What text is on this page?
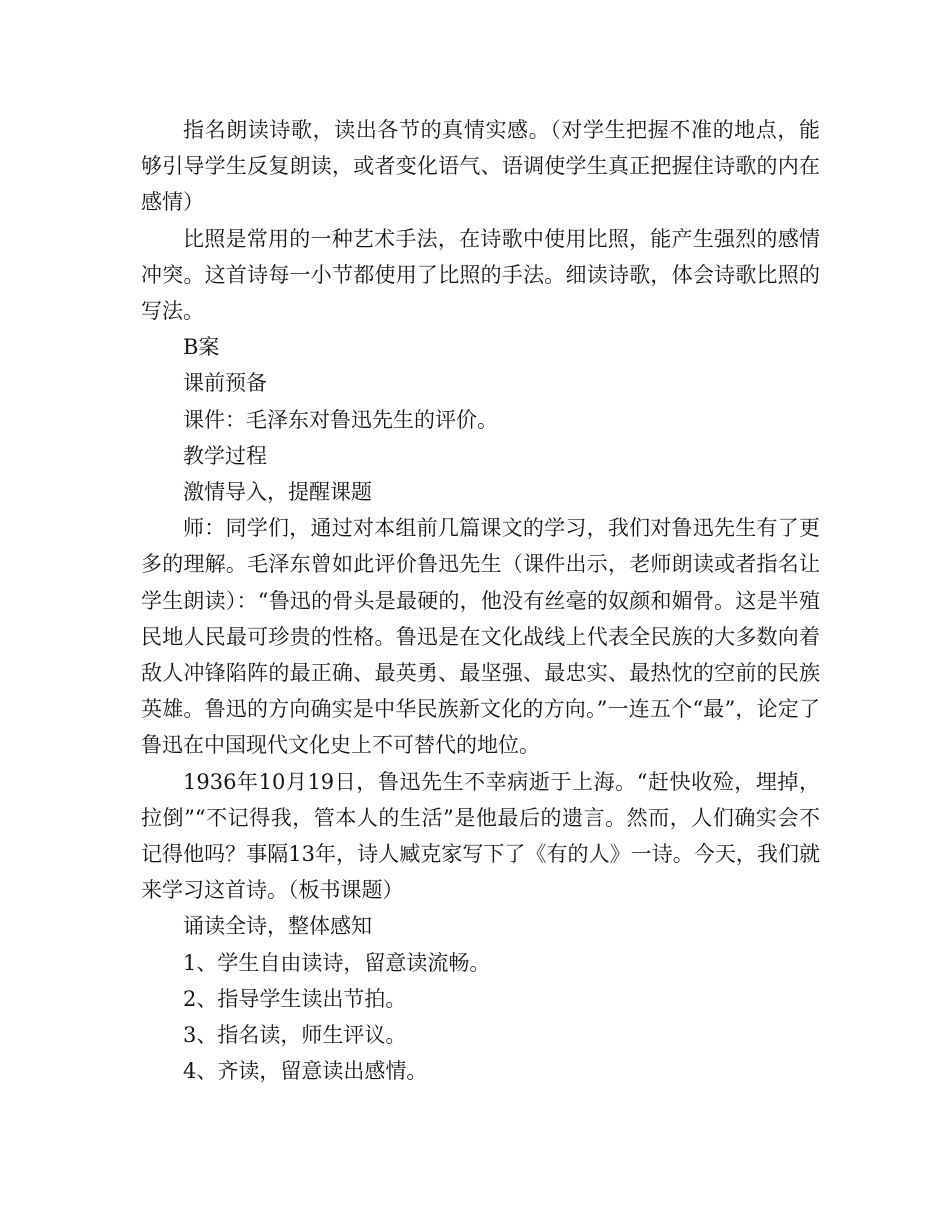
指名朗读诗歌，读出各节的真情实感。（对学生把握不准的地点，能够引导学生反复朗读，或者变化语气、语调使学生真正把握住诗歌的内在感情）

比照是常用的一种艺术手法，在诗歌中使用比照，能产生强烈的感情冲突。这首诗每一小节都使用了比照的手法。细读诗歌，体会诗歌比照的写法。

B案

课前预备

课件：毛泽东对鲁迅先生的评价。

教学过程

激情导入，提醒课题

师：同学们，通过对本组前几篇课文的学习，我们对鲁迅先生有了更多的理解。毛泽东曾如此评价鲁迅先生（课件出示，老师朗读或者指名让学生朗读）：“鲁迅的骨头是最硬的，他没有丝毫的奴颜和媚骨。这是半殖民地人民最可珍贵的性格。鲁迅是在文化战线上代表全民族的大多数向着敌人冲锋陷阵的最正确、最英勇、最坚强、最忠实、最热忱的空前的民族英雄。鲁迅的方向确实是中华民族新文化的方向。”一连五个“最”，论定了鲁迅在中国现代文化史上不可替代的地位。

1936年10月19日，鲁迅先生不幸病逝于上海。“赶快收殓，埋掉，拉倒”“不记得我，管本人的生活”是他最后的遗言。然而，人们确实会不记得他吗？事隔13年，诗人臧克家写下了《有的人》一诗。今天，我们就来学习这首诗。（板书课题）

诵读全诗，整体感知

1、学生自由读诗，留意读流畅。

2、指导学生读出节拍。

3、指名读，师生评议。

4、齐读，留意读出感情。
